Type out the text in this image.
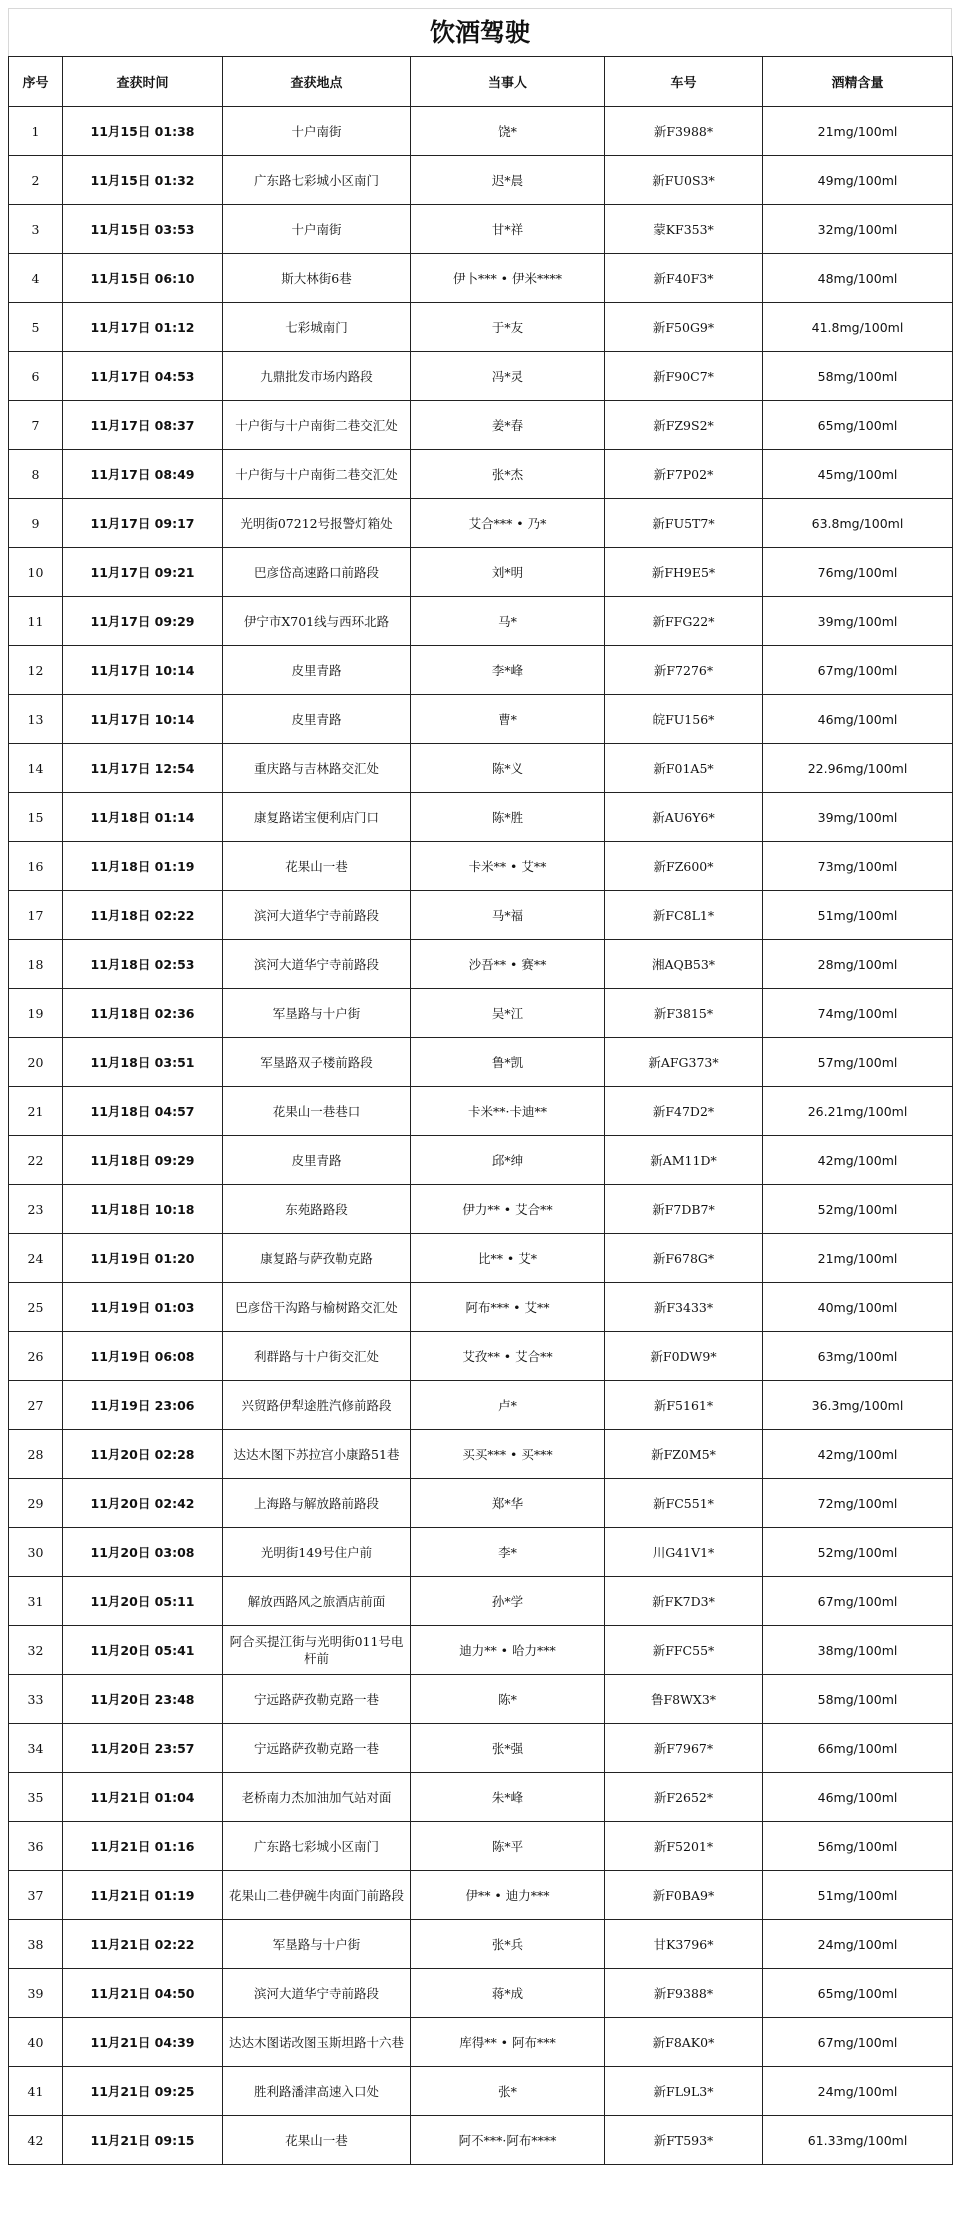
饮酒驾驶
序号	查获时间	查获地点	当事人	车号	酒精含量
1	11月15日 01:38	十户南街	饶*	新F3988*	21mg/100ml
2	11月15日 01:32	广东路七彩城小区南门	迟*晨	新FU0S3*	49mg/100ml
3	11月15日 03:53	十户南街	甘*祥	蒙KF353*	32mg/100ml
4	11月15日 06:10	斯大林街6巷	伊卜*** • 伊米****	新F40F3*	48mg/100ml
5	11月17日 01:12	七彩城南门	于*友	新F50G9*	41.8mg/100ml
6	11月17日 04:53	九鼎批发市场内路段	冯*灵	新F90C7*	58mg/100ml
7	11月17日 08:37	十户街与十户南街二巷交汇处	姜*春	新FZ9S2*	65mg/100ml
8	11月17日 08:49	十户街与十户南街二巷交汇处	张*杰	新F7P02*	45mg/100ml
9	11月17日 09:17	光明街07212号报警灯箱处	艾合*** • 乃*	新FU5T7*	63.8mg/100ml
10	11月17日 09:21	巴彦岱高速路口前路段	刘*明	新FH9E5*	76mg/100ml
11	11月17日 09:29	伊宁市X701线与西环北路	马*	新FFG22*	39mg/100ml
12	11月17日 10:14	皮里青路	李*峰	新F7276*	67mg/100ml
13	11月17日 10:14	皮里青路	曹*	皖FU156*	46mg/100ml
14	11月17日 12:54	重庆路与吉林路交汇处	陈*义	新F01A5*	22.96mg/100ml
15	11月18日 01:14	康复路诺宝便利店门口	陈*胜	新AU6Y6*	39mg/100ml
16	11月18日 01:19	花果山一巷	卡米** • 艾**	新FZ600*	73mg/100ml
17	11月18日 02:22	滨河大道华宁寺前路段	马*福	新FC8L1*	51mg/100ml
18	11月18日 02:53	滨河大道华宁寺前路段	沙吾** • 赛**	湘AQB53*	28mg/100ml
19	11月18日 02:36	军垦路与十户街	吴*江	新F3815*	74mg/100ml
20	11月18日 03:51	军垦路双子楼前路段	鲁*凯	新AFG373*	57mg/100ml
21	11月18日 04:57	花果山一巷巷口	卡米**·卡迪**	新F47D2*	26.21mg/100ml
22	11月18日 09:29	皮里青路	邱*绅	新AM11D*	42mg/100ml
23	11月18日 10:18	东苑路路段	伊力** • 艾合**	新F7DB7*	52mg/100ml
24	11月19日 01:20	康复路与萨孜勒克路	比** • 艾*	新F678G*	21mg/100ml
25	11月19日 01:03	巴彦岱干沟路与榆树路交汇处	阿布*** • 艾**	新F3433*	40mg/100ml
26	11月19日 06:08	利群路与十户街交汇处	艾孜** • 艾合**	新F0DW9*	63mg/100ml
27	11月19日 23:06	兴贸路伊犁途胜汽修前路段	卢*	新F5161*	36.3mg/100ml
28	11月20日 02:28	达达木图下苏拉宫小康路51巷	买买*** • 买***	新FZ0M5*	42mg/100ml
29	11月20日 02:42	上海路与解放路前路段	郑*华	新FC551*	72mg/100ml
30	11月20日 03:08	光明街149号住户前	李*	川G41V1*	52mg/100ml
31	11月20日 05:11	解放西路风之旅酒店前面	孙*学	新FK7D3*	67mg/100ml
32	11月20日 05:41	阿合买提江街与光明街011号电杆前	迪力** • 哈力***	新FFC55*	38mg/100ml
33	11月20日 23:48	宁远路萨孜勒克路一巷	陈*	鲁F8WX3*	58mg/100ml
34	11月20日 23:57	宁远路萨孜勒克路一巷	张*强	新F7967*	66mg/100ml
35	11月21日 01:04	老桥南力杰加油加气站对面	朱*峰	新F2652*	46mg/100ml
36	11月21日 01:16	广东路七彩城小区南门	陈*平	新F5201*	56mg/100ml
37	11月21日 01:19	花果山二巷伊碗牛肉面门前路段	伊** • 迪力***	新F0BA9*	51mg/100ml
38	11月21日 02:22	军垦路与十户街	张*兵	甘K3796*	24mg/100ml
39	11月21日 04:50	滨河大道华宁寺前路段	蒋*成	新F9388*	65mg/100ml
40	11月21日 04:39	达达木图诺改图玉斯坦路十六巷	库得** • 阿布***	新F8AK0*	67mg/100ml
41	11月21日 09:25	胜利路潘津高速入口处	张*	新FL9L3*	24mg/100ml
42	11月21日 09:15	花果山一巷	阿不***·阿布****	新FT593*	61.33mg/100ml
